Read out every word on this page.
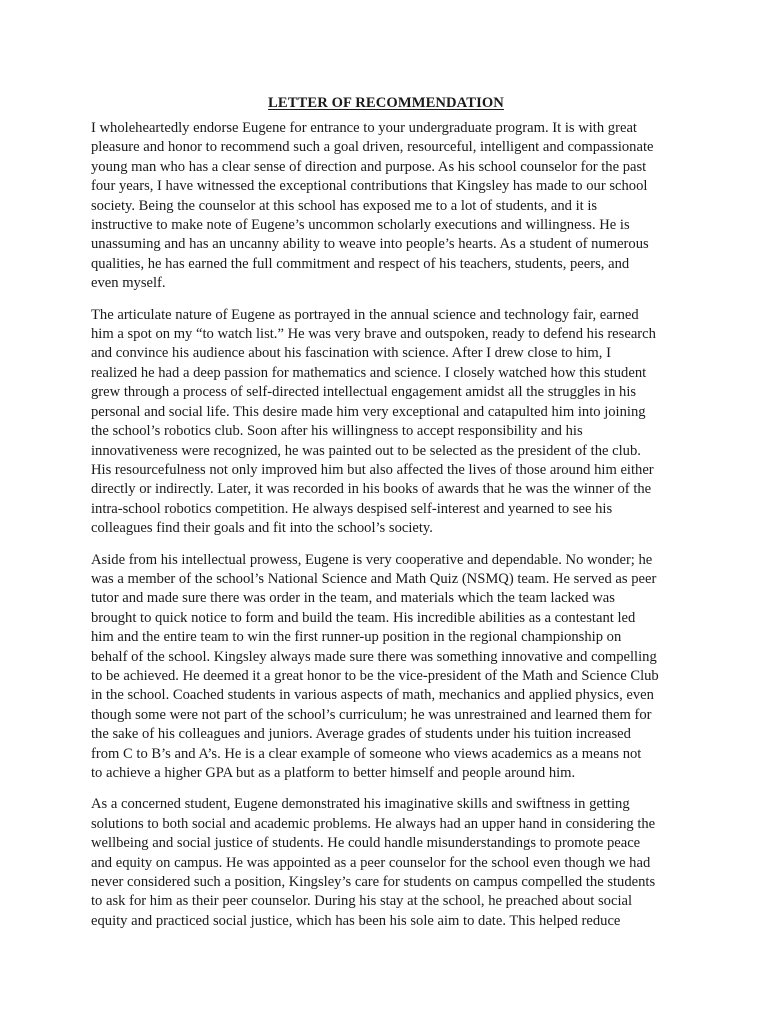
LETTER OF RECOMMENDATION

I wholeheartedly endorse Eugene for entrance to your undergraduate program. It is with great
pleasure and honor to recommend such a goal driven, resourceful, intelligent and compassionate
young man who has a clear sense of direction and purpose. As his school counselor for the past
four years, I have witnessed the exceptional contributions that Kingsley has made to our school
society. Being the counselor at this school has exposed me to a lot of students, and it is
instructive to make note of Eugene’s uncommon scholarly executions and willingness. He is
unassuming and has an uncanny ability to weave into people’s hearts. As a student of numerous
qualities, he has earned the full commitment and respect of his teachers, students, peers, and
even myself.

The articulate nature of Eugene as portrayed in the annual science and technology fair, earned
him a spot on my “to watch list.” He was very brave and outspoken, ready to defend his research
and convince his audience about his fascination with science. After I drew close to him, I
realized he had a deep passion for mathematics and science. I closely watched how this student
grew through a process of self-directed intellectual engagement amidst all the struggles in his
personal and social life. This desire made him very exceptional and catapulted him into joining
the school’s robotics club. Soon after his willingness to accept responsibility and his
innovativeness were recognized, he was painted out to be selected as the president of the club.
His resourcefulness not only improved him but also affected the lives of those around him either
directly or indirectly. Later, it was recorded in his books of awards that he was the winner of the
intra-school robotics competition. He always despised self-interest and yearned to see his
colleagues find their goals and fit into the school’s society.

Aside from his intellectual prowess, Eugene is very cooperative and dependable. No wonder; he
was a member of the school’s National Science and Math Quiz (NSMQ) team. He served as peer
tutor and made sure there was order in the team, and materials which the team lacked was
brought to quick notice to form and build the team. His incredible abilities as a contestant led
him and the entire team to win the first runner-up position in the regional championship on
behalf of the school. Kingsley always made sure there was something innovative and compelling
to be achieved. He deemed it a great honor to be the vice-president of the Math and Science Club
in the school. Coached students in various aspects of math, mechanics and applied physics, even
though some were not part of the school’s curriculum; he was unrestrained and learned them for
the sake of his colleagues and juniors. Average grades of students under his tuition increased
from C to B’s and A’s. He is a clear example of someone who views academics as a means not
to achieve a higher GPA but as a platform to better himself and people around him.

As a concerned student, Eugene demonstrated his imaginative skills and swiftness in getting
solutions to both social and academic problems. He always had an upper hand in considering the
wellbeing and social justice of students. He could handle misunderstandings to promote peace
and equity on campus. He was appointed as a peer counselor for the school even though we had
never considered such a position, Kingsley’s care for students on campus compelled the students
to ask for him as their peer counselor. During his stay at the school, he preached about social
equity and practiced social justice, which has been his sole aim to date. This helped reduce
